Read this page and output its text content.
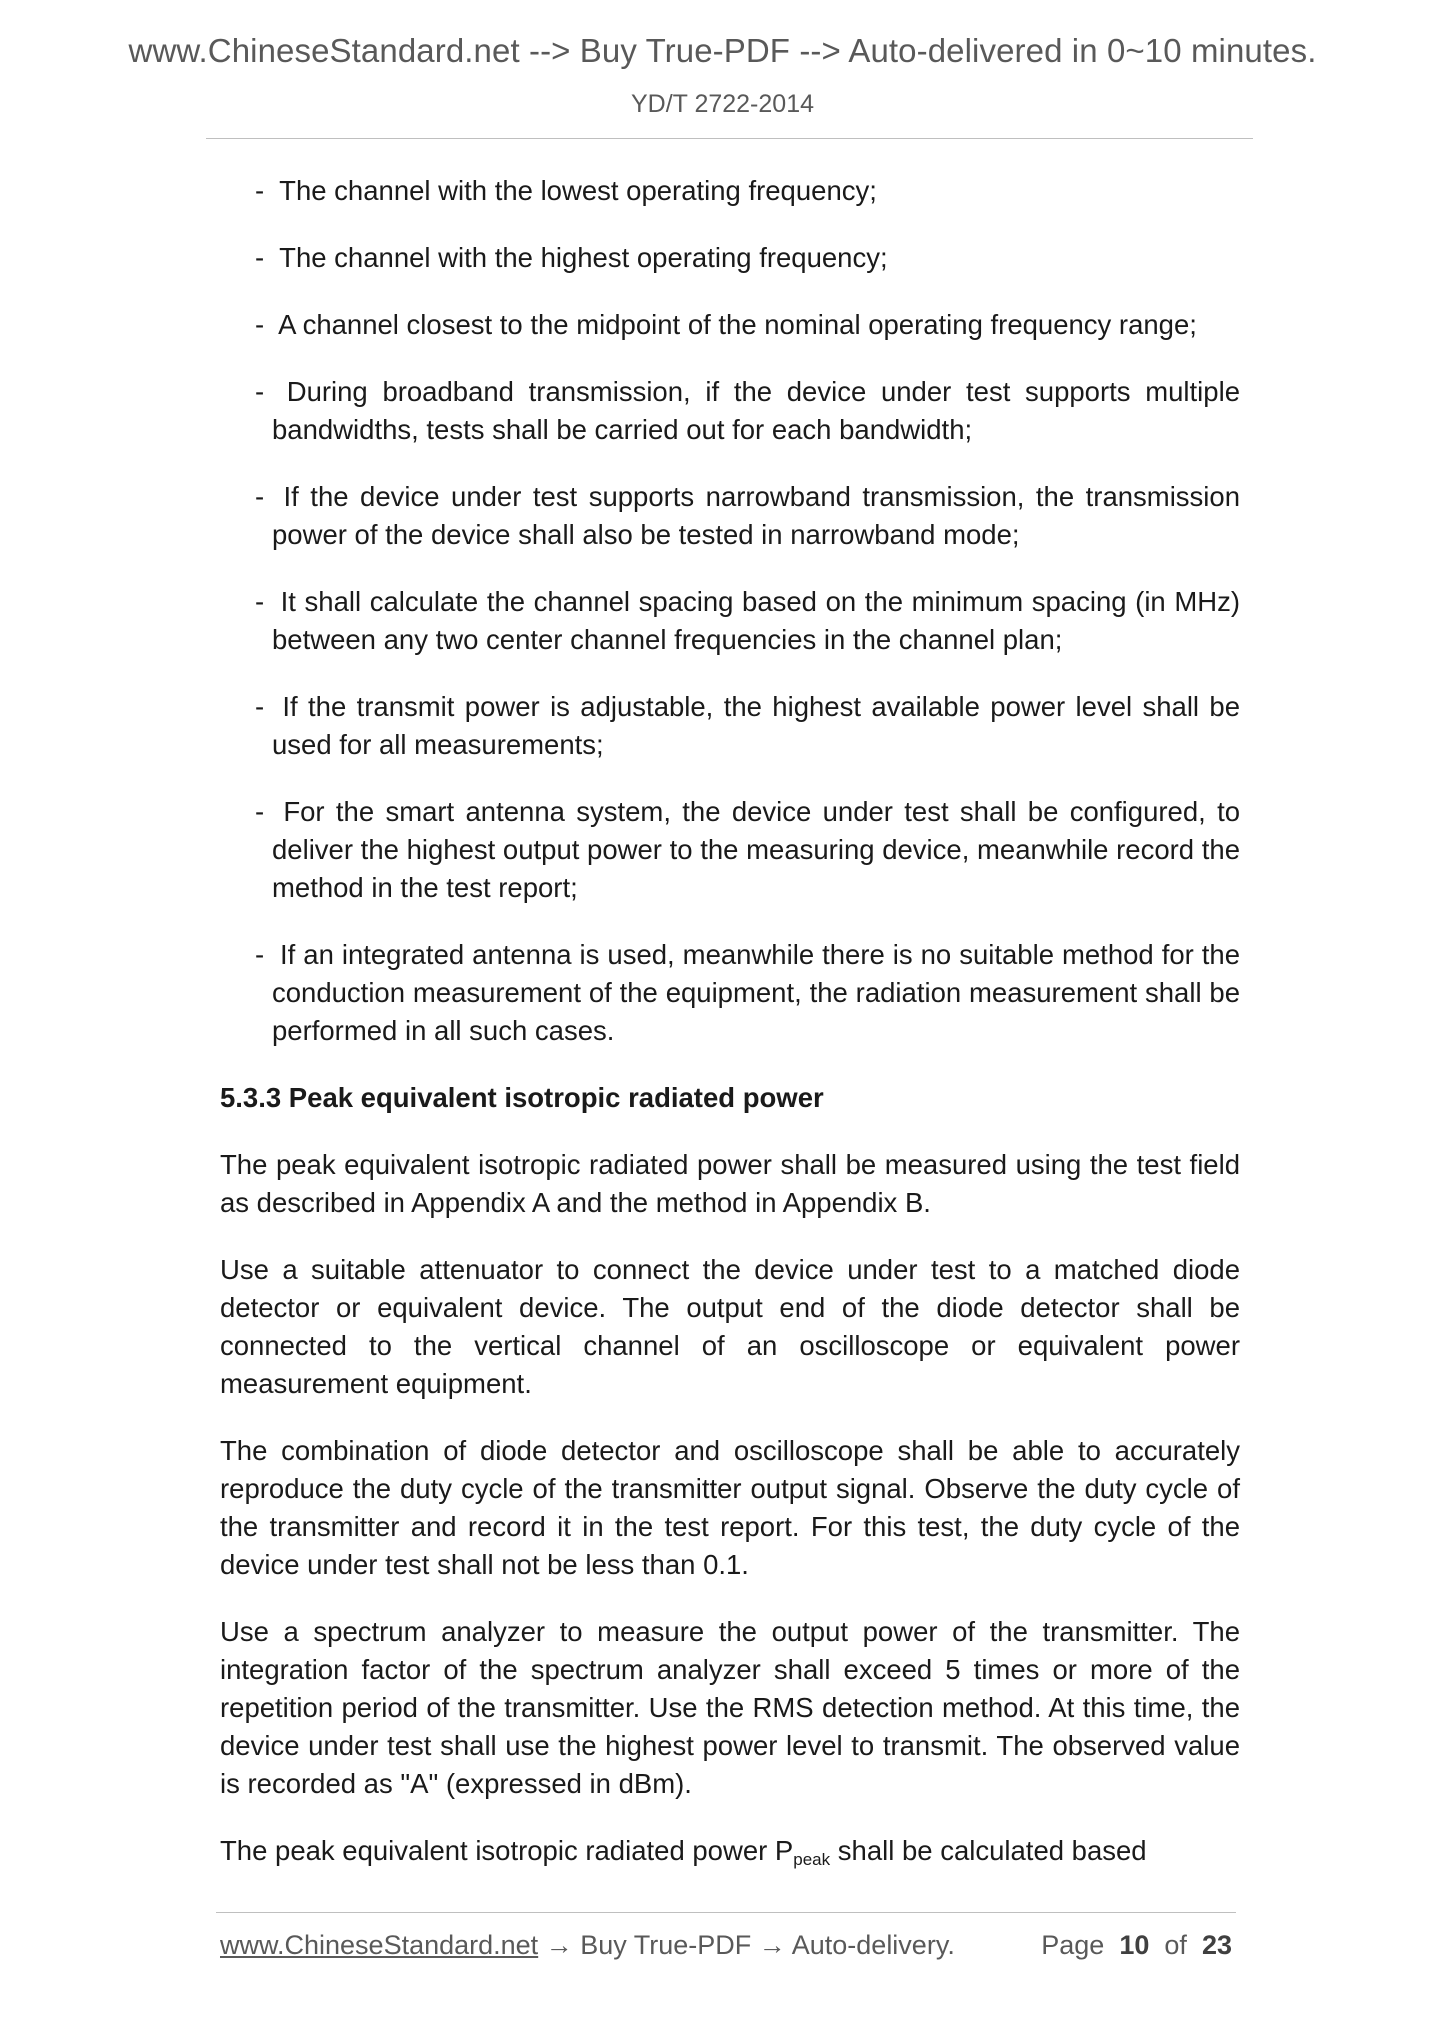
www.ChineseStandard.net --> Buy True-PDF --> Auto-delivered in 0~10 minutes.
YD/T 2722-2014
- The channel with the lowest operating frequency;
- The channel with the highest operating frequency;
- A channel closest to the midpoint of the nominal operating frequency range;
- During broadband transmission, if the device under test supports multiple bandwidths, tests shall be carried out for each bandwidth;
- If the device under test supports narrowband transmission, the transmission power of the device shall also be tested in narrowband mode;
- It shall calculate the channel spacing based on the minimum spacing (in MHz) between any two center channel frequencies in the channel plan;
- If the transmit power is adjustable, the highest available power level shall be used for all measurements;
- For the smart antenna system, the device under test shall be configured, to deliver the highest output power to the measuring device, meanwhile record the method in the test report;
- If an integrated antenna is used, meanwhile there is no suitable method for the conduction measurement of the equipment, the radiation measurement shall be performed in all such cases.
5.3.3 Peak equivalent isotropic radiated power
The peak equivalent isotropic radiated power shall be measured using the test field as described in Appendix A and the method in Appendix B.
Use a suitable attenuator to connect the device under test to a matched diode detector or equivalent device. The output end of the diode detector shall be connected to the vertical channel of an oscilloscope or equivalent power measurement equipment.
The combination of diode detector and oscilloscope shall be able to accurately reproduce the duty cycle of the transmitter output signal. Observe the duty cycle of the transmitter and record it in the test report. For this test, the duty cycle of the device under test shall not be less than 0.1.
Use a spectrum analyzer to measure the output power of the transmitter. The integration factor of the spectrum analyzer shall exceed 5 times or more of the repetition period of the transmitter. Use the RMS detection method. At this time, the device under test shall use the highest power level to transmit. The observed value is recorded as "A" (expressed in dBm).
The peak equivalent isotropic radiated power $P_{peak}$ shall be calculated based
www.ChineseStandard.net → Buy True-PDF → Auto-delivery.	Page 10 of 23
